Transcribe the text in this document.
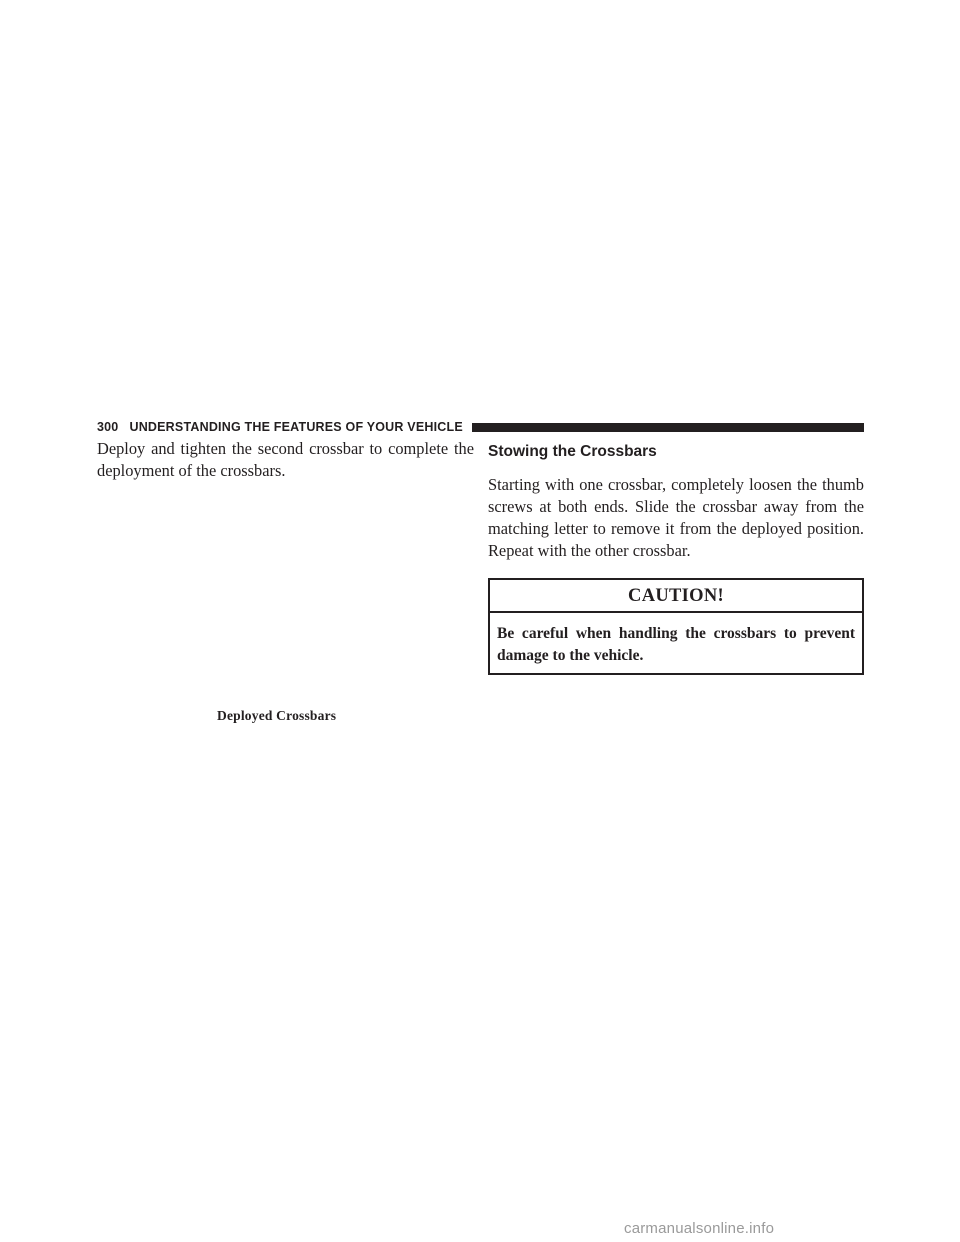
300 UNDERSTANDING THE FEATURES OF YOUR VEHICLE

Deploy and tighten the second crossbar to complete the deployment of the crossbars.

Deployed Crossbars
Stowing the Crossbars

Starting with one crossbar, completely loosen the thumb screws at both ends. Slide the crossbar away from the matching letter to remove it from the deployed position. Repeat with the other crossbar.

CAUTION!
Be careful when handling the crossbars to prevent damage to the vehicle.
carmanualsonline.info
